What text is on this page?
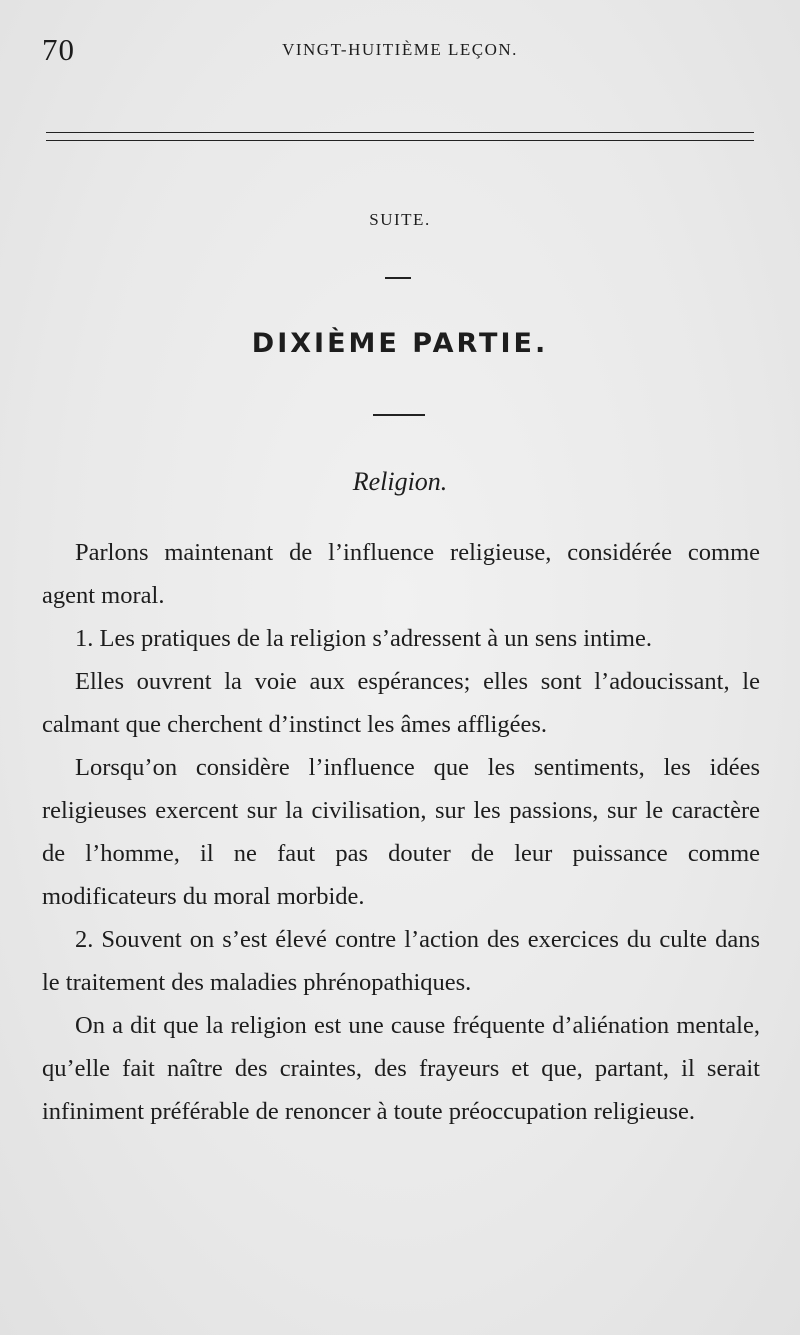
70	VINGT-HUITIÈME LEÇON.
SUITE.
DIXIÈME PARTIE.
Religion.

Parlons maintenant de l’influence religieuse, considérée comme agent moral.

1. Les pratiques de la religion s’adressent à un sens intime.

Elles ouvrent la voie aux espérances; elles sont l’adoucissant, le calmant que cherchent d’instinct les âmes affligées.

Lorsqu’on considère l’influence que les sentiments, les idées religieuses exercent sur la civilisation, sur les passions, sur le caractère de l’homme, il ne faut pas douter de leur puissance comme modificateurs du moral morbide.

2. Souvent on s’est élevé contre l’action des exercices du culte dans le traitement des maladies phrénopathiques.

On a dit que la religion est une cause fréquente d’aliénation mentale, qu’elle fait naître des craintes, des frayeurs et que, partant, il serait infiniment préférable de renoncer à toute préoccupation religieuse.
